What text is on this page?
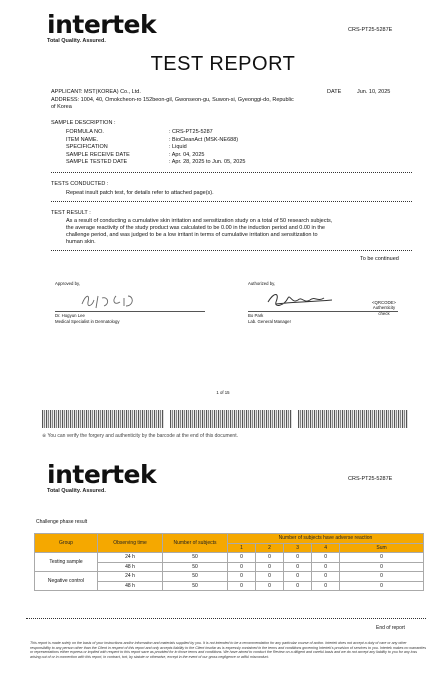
intertek
Total Quality. Assured.
CRS-PT25-5287E
TEST REPORT
APPLICANT: MST(KOREA) Co., Ltd.	DATE	Jun. 10, 2025
ADDRESS: 1004, 40, Omokcheon-ro 152beon-gil, Gwonseon-gu, Suwon-si, Gyeonggi-do, Republic
of Korea
SAMPLE DESCRIPTION :
FORMULA NO.	: CRS-PT25-5287
ITEM NAME.	: BioCleanAct (MSK-NE688)
SPECIFICATION	: Liquid
SAMPLE RECEIVE DATE	: Apr. 04, 2025
SAMPLE TESTED DATE	: Apr. 28, 2025 to Jun. 05, 2025
TESTS CONDUCTED :
Repeat insult patch test, for details refer to attached page(s).
TEST RESULT :
As a result of conducting a cumulative skin irritation and sensitization study on a total of 50 research subjects,
the average reactivity of the study product was calculated to be 0.00 in the induction period and 0.00 in the
challenge period, and was judged to be a low irritant in terms of cumulative irritation and sensitization to
human skin.
To be continued
Approved by,	Authorized by,
<QRCODE>
Authenticity
check
Dr. Hogyun Lee
Medical Specialist in Dermatology
Bo Park
Lab. General Manager
1 of 15
※ You can verify the forgery and authenticity by the barcode at the end of this document.
intertek
Total Quality. Assured.
CRS-PT25-5287E
Challenge phase result
Group	Observing time	Number of subjects	Number of subjects have adverse reaction				
			1	2	3	4	Sum
Testing sample	24 h	50	0	0	0	0	0
	48 h	50	0	0	0	0	0
Negative control	24 h	50	0	0	0	0	0
	48 h	50	0	0	0	0	0
End of report
This report is made solely on the basis of your instructions and/or information and materials supplied by you. It is not intended to be a recommendation for any particular course of action. Intertek does not accept a duty of care or any other responsibility to any person other than the Client in respect of this report and only accepts liability to the Client insofar as is expressly contained in the terms and conditions governing Intertek's provision of services to you. Intertek makes no warranties or representations either express or implied with respect to this report save as provided for in those terms and conditions. We have aimed to conduct the Review on a diligent and careful basis and we do not accept any liability to you for any loss arising out of or in connection with this report, in contract, tort, by statute or otherwise, except in the event of our gross negligence or wilful misconduct.
